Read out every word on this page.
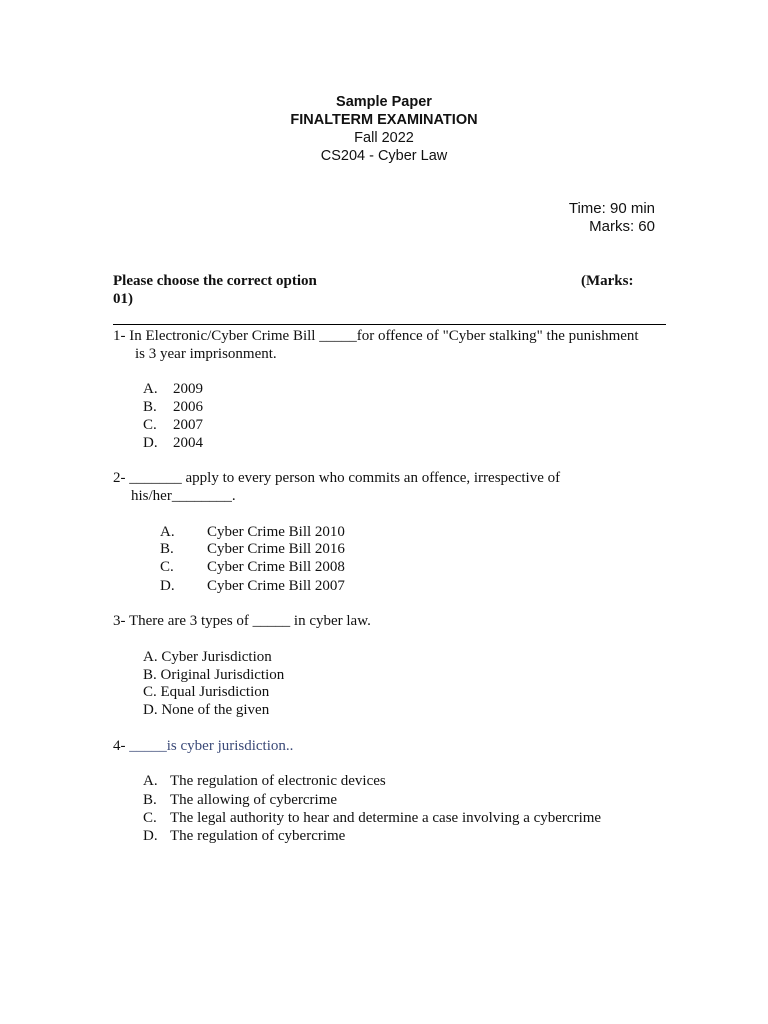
Sample Paper
FINALTERM EXAMINATION
Fall 2022
CS204 - Cyber Law
Time: 90 min
Marks: 60
Please choose the correct option	(Marks:
01)
1- In Electronic/Cyber Crime Bill _____for offence of "Cyber stalking" the punishment
is 3 year imprisonment.
A. 2009
B. 2006
C. 2007
D. 2004
2- _______ apply to every person who commits an offence, irrespective of
his/her________.
A. Cyber Crime Bill 2010
B. Cyber Crime Bill 2016
C. Cyber Crime Bill 2008
D. Cyber Crime Bill 2007
3- There are 3 types of _____ in cyber law.
A. Cyber Jurisdiction
B. Original Jurisdiction
C. Equal Jurisdiction
D. None of the given
4- _____is cyber jurisdiction..
A. The regulation of electronic devices
B. The allowing of cybercrime
C. The legal authority to hear and determine a case involving a cybercrime
D. The regulation of cybercrime
